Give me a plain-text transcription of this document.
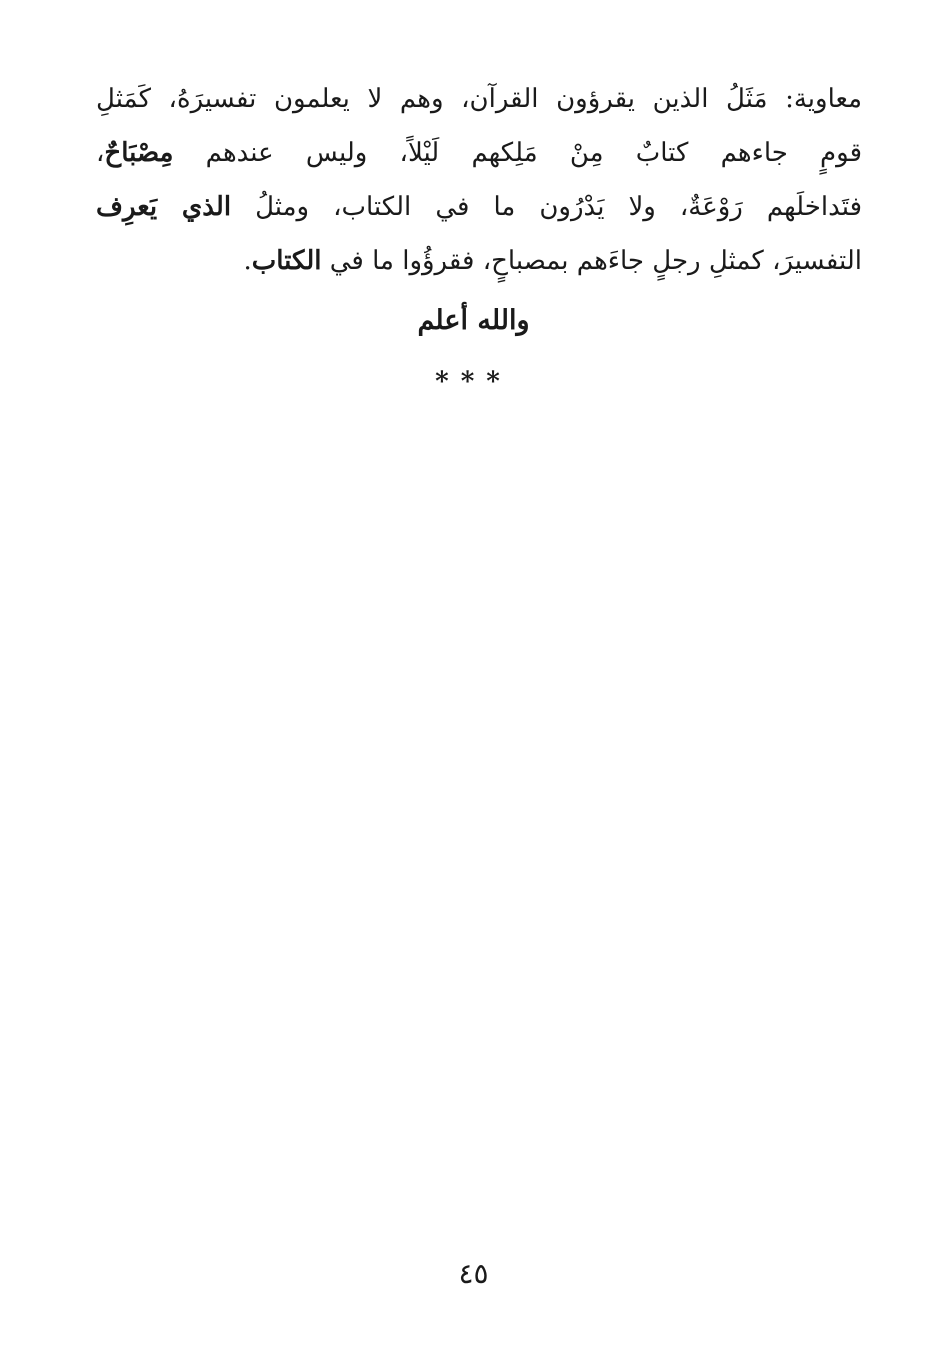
معاوية: مَثَلُ الذين يقرؤون القرآن، وهم لا يعلمون تفسيرَهُ، كَمَثلِ
قومٍ جاءهم كتابٌ مِنْ مَلِكهم لَيْلاً، وليس عندهم مِصْبَاحٌ،
فتَداخلَهم رَوْعَةٌ، ولا يَدْرُون ما في الكتاب، ومثلُ الذي يَعرِف
التفسيرَ، كمثلِ رجلٍ جاءَهم بمصباحٍ، فقرؤُوا ما في الكتاب.
والله أعلم
***
٤٥
